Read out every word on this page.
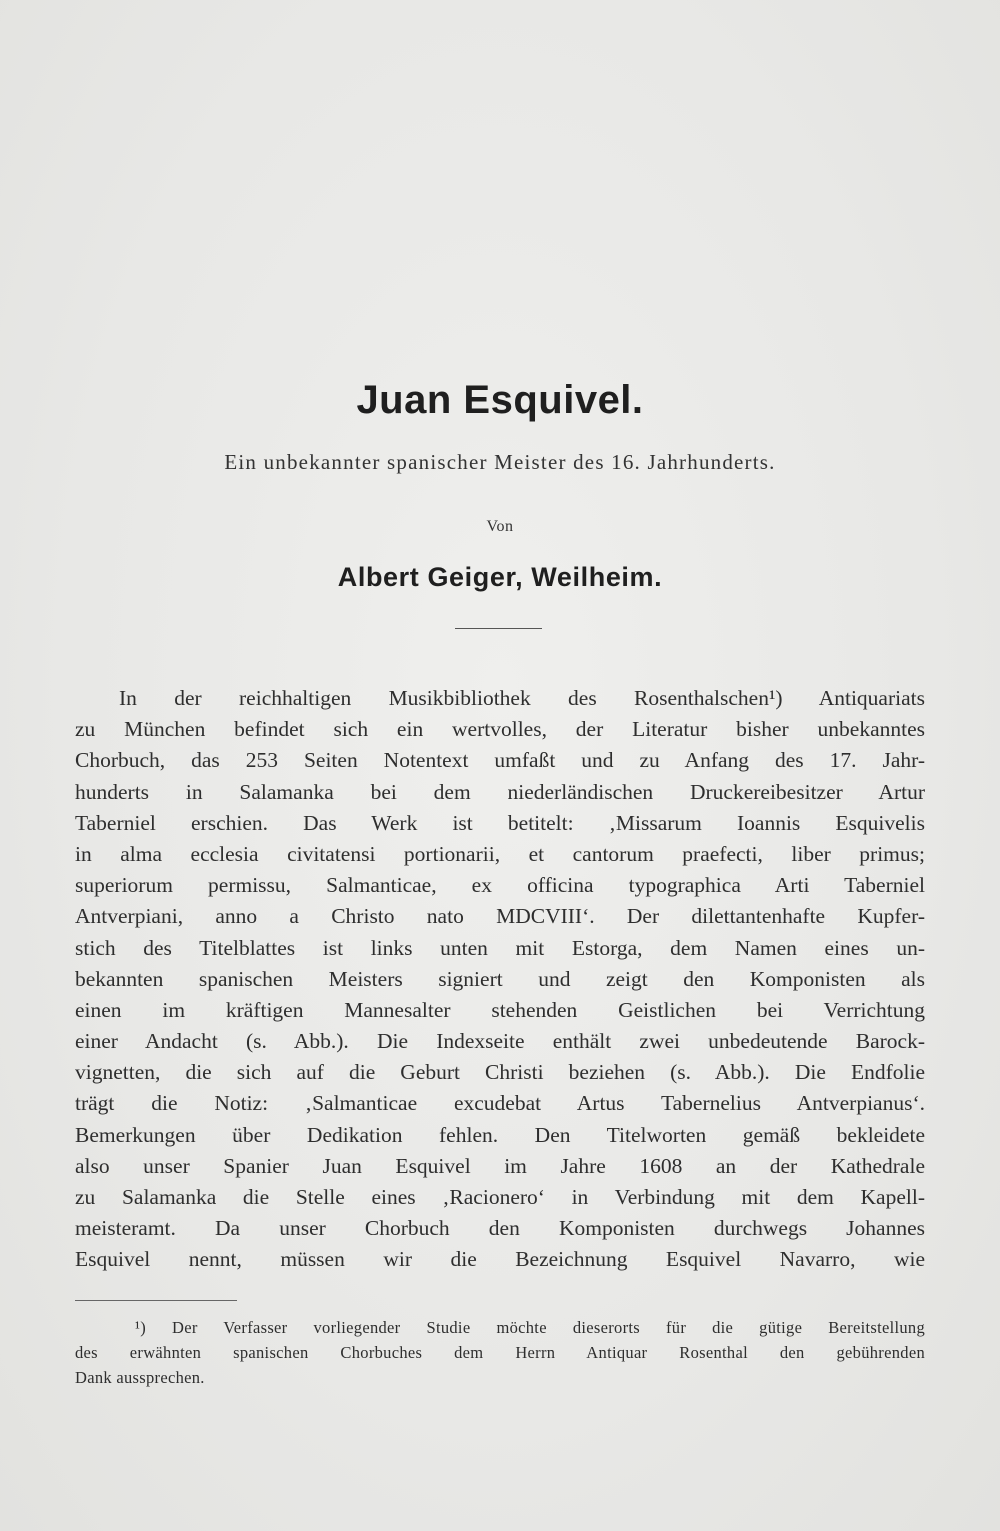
Juan Esquivel.
Ein unbekannter spanischer Meister des 16. Jahrhunderts.
Von
Albert Geiger, Weilheim.
In der reichhaltigen Musikbibliothek des Rosenthalschen¹) Antiquariats
zu München befindet sich ein wertvolles, der Literatur bisher unbekanntes
Chorbuch, das 253 Seiten Notentext umfaßt und zu Anfang des 17. Jahr-
hunderts in Salamanka bei dem niederländischen Druckereibesitzer Artur
Taberniel erschien. Das Werk ist betitelt: ‚Missarum Ioannis Esquivelis
in alma ecclesia civitatensi portionarii, et cantorum praefecti, liber primus;
superiorum permissu, Salmanticae, ex officina typographica Arti Taberniel
Antverpiani, anno a Christo nato MDCVIII‘. Der dilettantenhafte Kupfer-
stich des Titelblattes ist links unten mit Estorga, dem Namen eines un-
bekannten spanischen Meisters signiert und zeigt den Komponisten als
einen im kräftigen Mannesalter stehenden Geistlichen bei Verrichtung
einer Andacht (s. Abb.). Die Indexseite enthält zwei unbedeutende Barock-
vignetten, die sich auf die Geburt Christi beziehen (s. Abb.). Die Endfolie
trägt die Notiz: ‚Salmanticae excudebat Artus Tabernelius Antverpianus‘.
Bemerkungen über Dedikation fehlen. Den Titelworten gemäß bekleidete
also unser Spanier Juan Esquivel im Jahre 1608 an der Kathedrale
zu Salamanka die Stelle eines ‚Racionero‘ in Verbindung mit dem Kapell-
meisteramt. Da unser Chorbuch den Komponisten durchwegs Johannes
Esquivel nennt, müssen wir die Bezeichnung Esquivel Navarro, wie
¹) Der Verfasser vorliegender Studie möchte dieserorts für die gütige Bereitstellung
des erwähnten spanischen Chorbuches dem Herrn Antiquar Rosenthal den gebührenden
Dank aussprechen.
